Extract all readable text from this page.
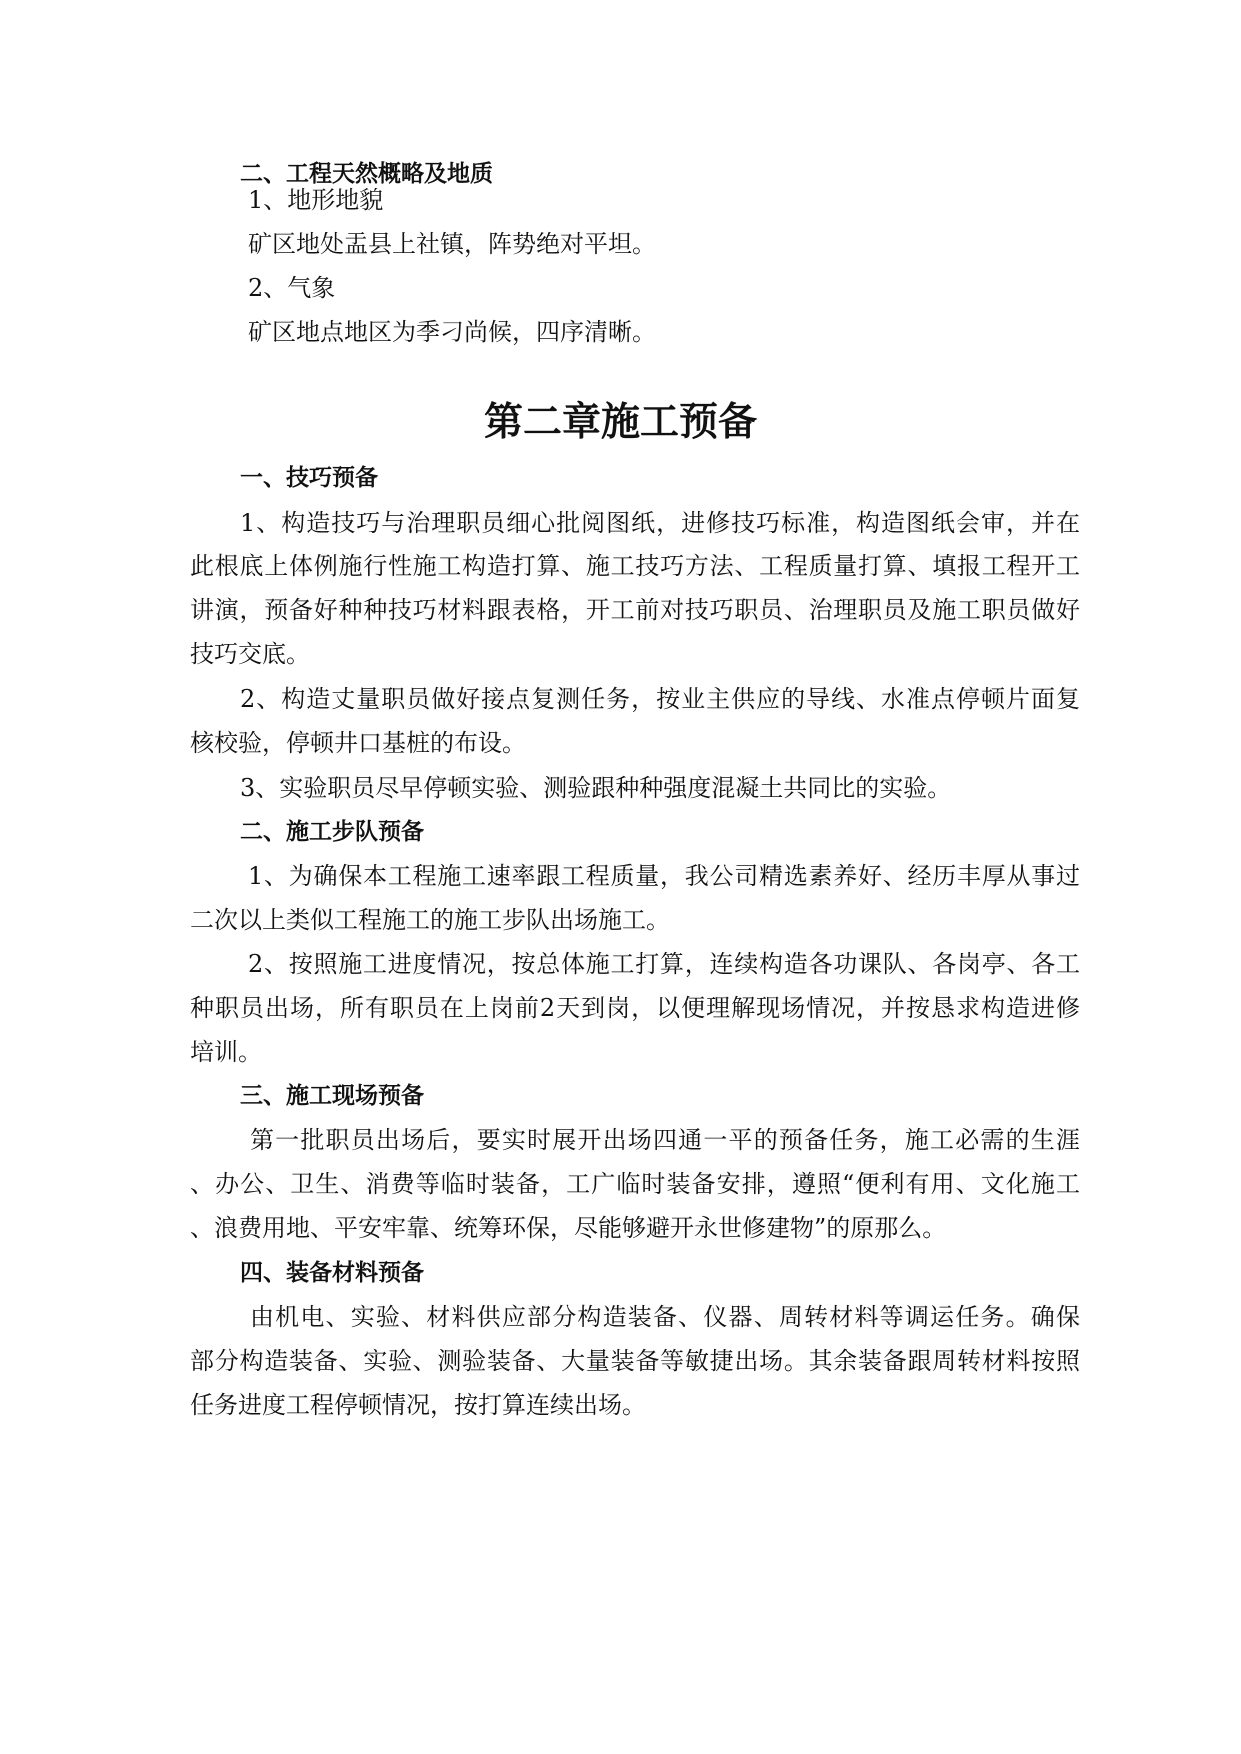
二、工程天然概略及地质
1、地形地貌
矿区地处盂县上社镇，阵势绝对平坦。
2、气象
矿区地点地区为季刁尚候，四序清晰。
第二章施工预备
一、技巧预备
1、构造技巧与治理职员细心批阅图纸，进修技巧标准，构造图纸会审，并在
此根底上体例施行性施工构造打算、施工技巧方法、工程质量打算、填报工程开工
讲演，预备好种种技巧材料跟表格，开工前对技巧职员、治理职员及施工职员做好
技巧交底。
2、构造丈量职员做好接点复测任务，按业主供应的导线、水准点停顿片面复
核校验，停顿井口基桩的布设。
3、实验职员尽早停顿实验、测验跟种种强度混凝土共同比的实验。
二、施工步队预备
1、为确保本工程施工速率跟工程质量，我公司精选素养好、经历丰厚从事过
二次以上类似工程施工的施工步队出场施工。
2、按照施工进度情况，按总体施工打算，连续构造各功课队、各岗亭、各工
种职员出场，所有职员在上岗前2天到岗，以便理解现场情况，并按恳求构造进修
培训。
三、施工现场预备
第一批职员出场后，要实时展开出场四通一平的预备任务，施工必需的生涯
、办公、卫生、消费等临时装备，工广临时装备安排，遵照“便利有用、文化施工
、浪费用地、平安牢靠、统筹环保，尽能够避开永世修建物”的原那么。
四、装备材料预备
由机电、实验、材料供应部分构造装备、仪器、周转材料等调运任务。确保
部分构造装备、实验、测验装备、大量装备等敏捷出场。其余装备跟周转材料按照
任务进度工程停顿情况，按打算连续出场。
